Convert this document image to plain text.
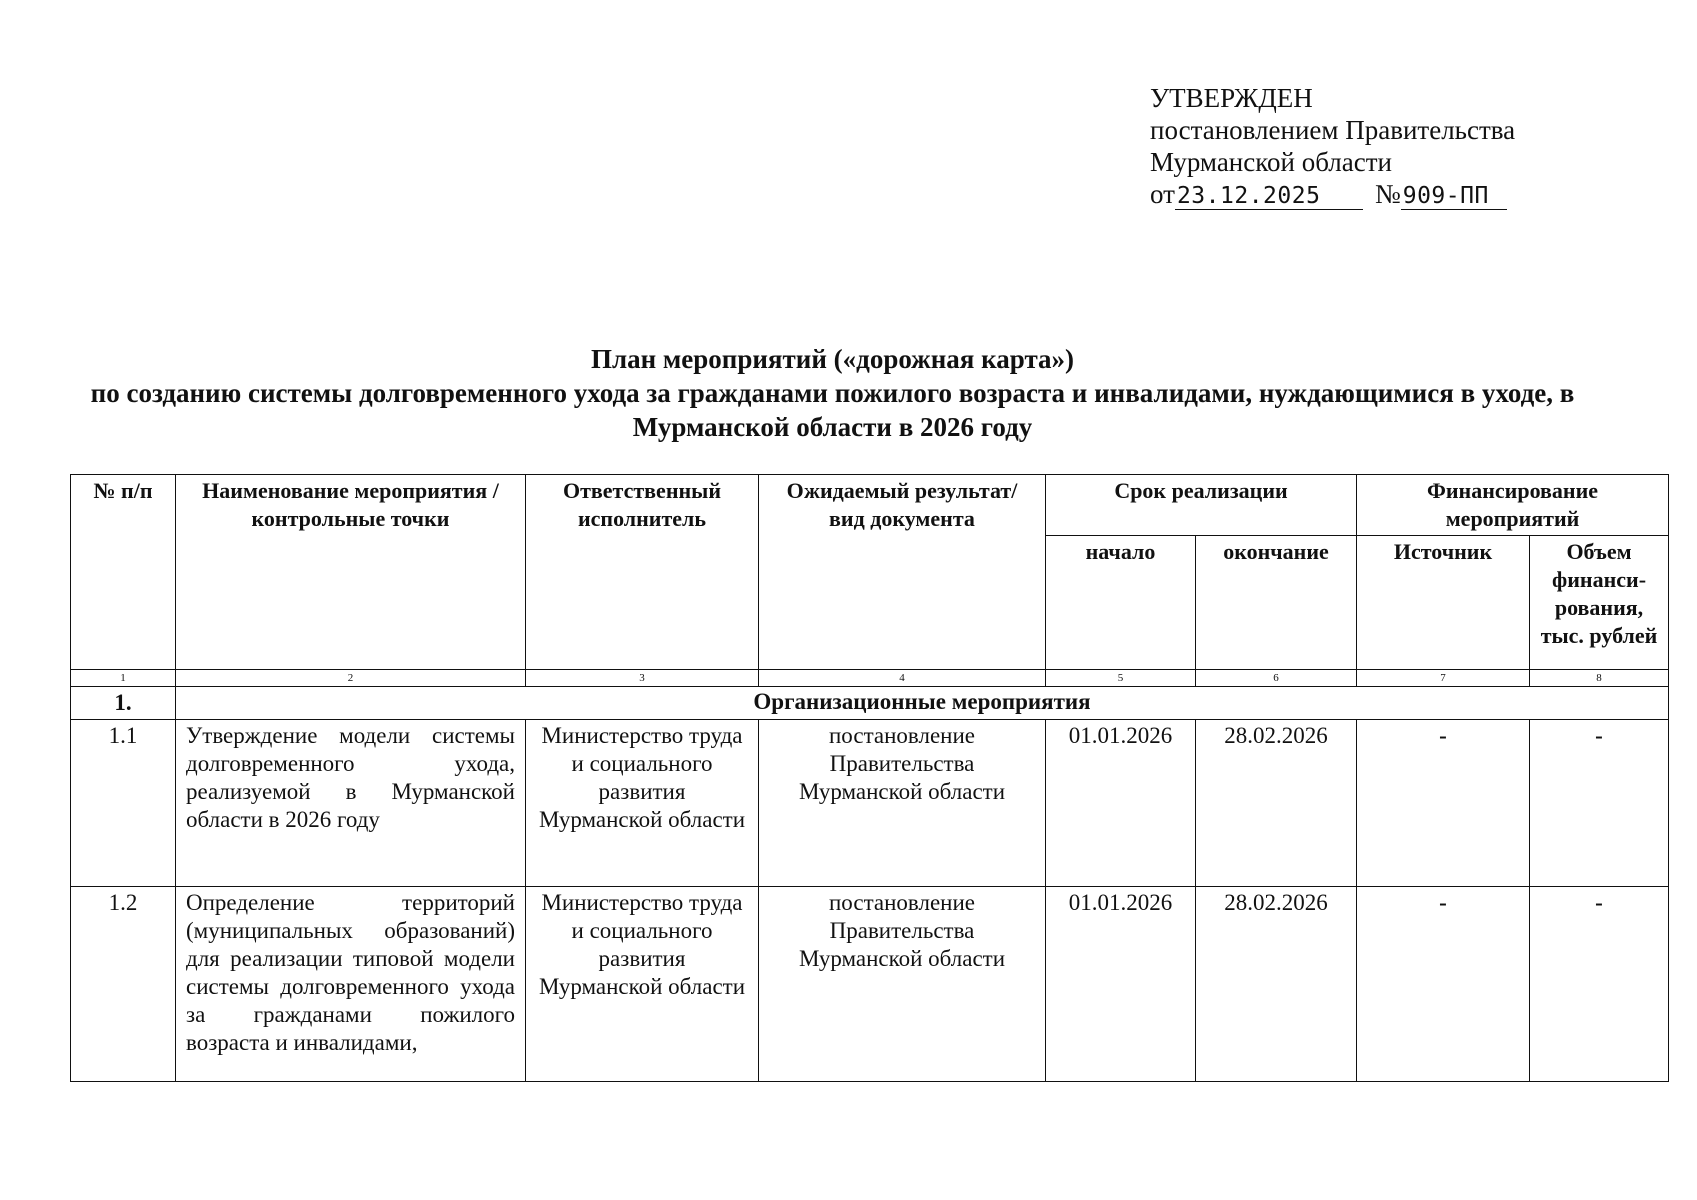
УТВЕРЖДЕН
постановлением Правительства
Мурманской области
от23.12.2025 №909-ПП
План мероприятий («дорожная карта»)
по созданию системы долговременного ухода за гражданами пожилого возраста и инвалидами, нуждающимися в уходе, в Мурманской области в 2026 году
№ п/п	Наименование мероприятия / контрольные точки	Ответственный исполнитель	Ожидаемый результат/вид документа	Срок реализации		Финансирование мероприятий	
				начало	окончание	Источник	Объем финанси-рования, тыс. рублей
1	2	3	4	5	6	7	8
1.	Организационные мероприятия						
1.1	Утверждение модели системы долговременного ухода, реализуемой в Мурманской области в 2026 году	Министерство труда и социального развития Мурманской области	постановление Правительства Мурманской области	01.01.2026	28.02.2026	-	-
1.2	Определение территорий (муниципальных образований) для реализации типовой модели системы долговременного ухода за гражданами пожилого возраста и инвалидами,	Министерство труда и социального развития Мурманской области	постановление Правительства Мурманской области	01.01.2026	28.02.2026	-	-
